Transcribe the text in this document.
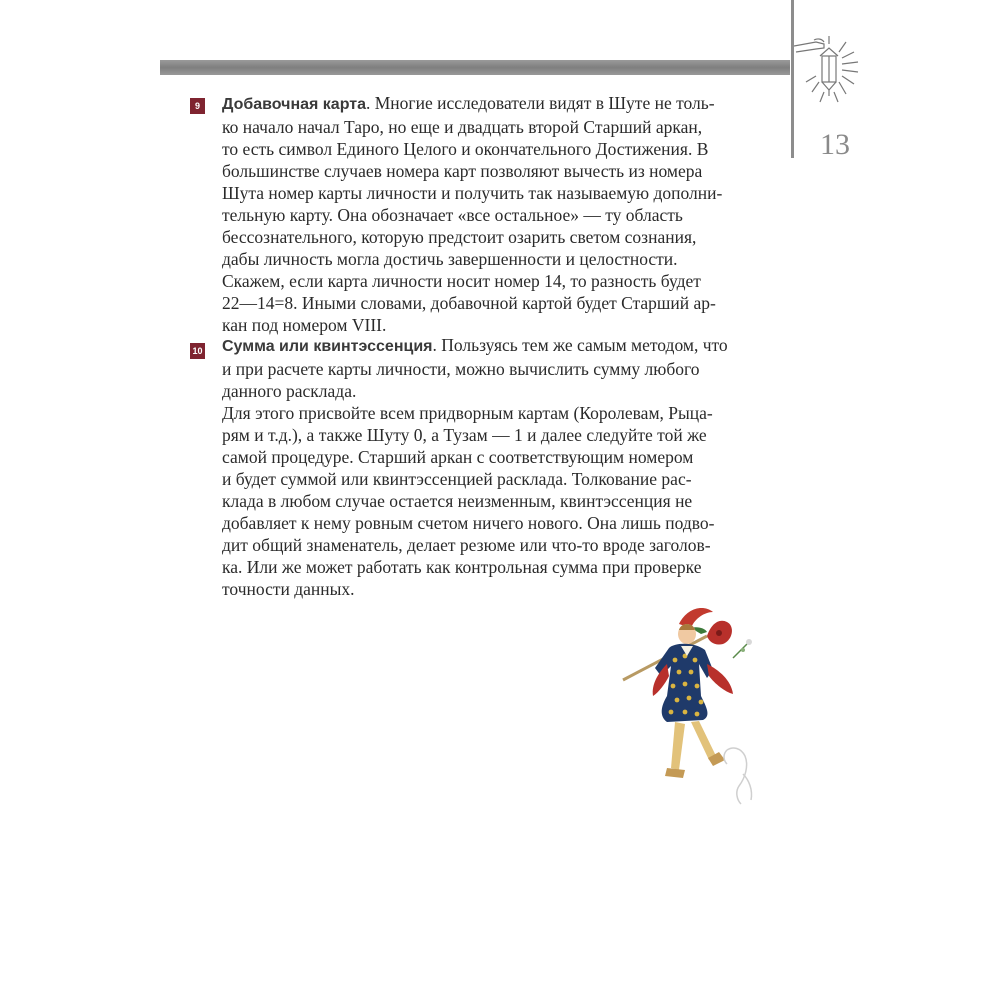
13
9	Добавочная карта. Многие исследователи видят в Шуте не толь-

ко начало начал Таро, но еще и двадцать второй Старший аркан,

то есть символ Единого Целого и окончательного Достижения. В

большинстве случаев номера карт позволяют вычесть из номера

Шута номер карты личности и получить так называемую дополни-

тельную карту. Она обозначает «все остальное» — ту область

бессознательного, которую предстоит озарить светом сознания,

дабы личность могла достичь завершенности и целостности.

Скажем, если карта личности носит номер 14, то разность будет

22—14=8. Иными словами, добавочной картой будет Старший ар-

кан под номером VIII.

10 Сумма или квинтэссенция. Пользуясь тем же самым методом, что

и при расчете карты личности, можно вычислить сумму любого

данного расклада.

Для этого присвойте всем придворным картам (Королевам, Рыца-

рям и т.д.), а также Шуту 0, а Тузам — 1 и далее следуйте той же

самой процедуре. Старший аркан с соответствующим номером

и будет суммой или квинтэссенцией расклада. Толкование рас-

клада в любом случае остается неизменным, квинтэссенция не

добавляет к нему ровным счетом ничего нового. Она лишь подво-

дит общий знаменатель, делает резюме или что-то вроде заголов-

ка. Или же может работать как контрольная сумма при проверке

точности данных.
